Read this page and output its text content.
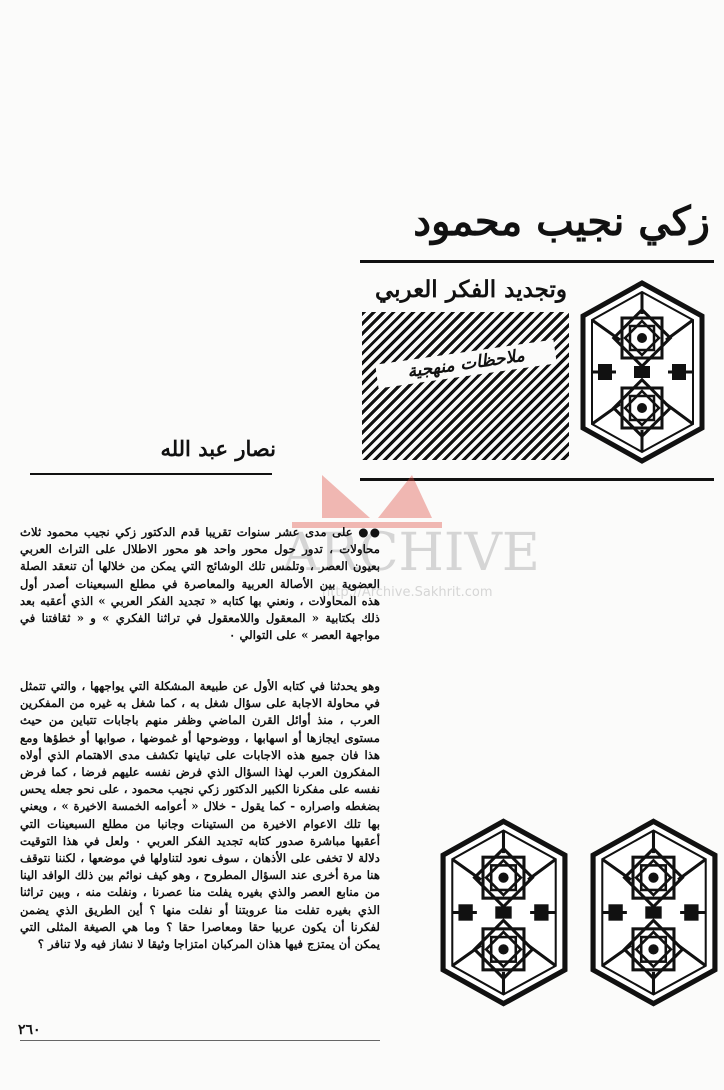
زكي نجيب محمود
وتجديد الفكر العربي
ملاحظات منهجية
نصار عبد الله
ARCHIVE
http://Archive.Sakhrit.com
●● على مدى عشر سنوات تقريبا قدم الدكتور زكي نجيب محمود ثلاث محاولات ، تدور حول محور واحد هو محور الاطلال على التراث العربي بعيون العصر ، وتلمس تلك الوشائج التي يمكن من خلالها أن تنعقد الصلة العضوية بين الأصالة العربية والمعاصرة في مطلع السبعينات أصدر أول هذه المحاولات ، ونعني بها كتابه « تجديد الفكر العربي » الذي أعقبه بعد ذلك بكتابية « المعقول واللامعقول في تراثنا الفكري » و « ثقافتنا في مواجهة العصر » على التوالي ٠
وهو يحدثنا في كتابه الأول عن طبيعة المشكلة التي يواجهها ، والتي تتمثل في محاولة الاجابة على سؤال شغل به ، كما شغل به غيره من المفكرين العرب ، منذ أوائل القرن الماضي وظفر منهم باجابات تتباين من حيث مستوى ايجازها أو اسهابها ، ووضوحها أو غموضها ، صوابها أو خطؤها ومع هذا فان جميع هذه الاجابات على تباينها تكشف مدى الاهتمام الذي أولاه المفكرون العرب لهذا السؤال الذي فرض نفسه عليهم فرضا ، كما فرض نفسه على مفكرنا الكبير الدكتور زكي نجيب محمود ، على نحو جعله يحس بضغطه واصراره - كما يقول - خلال « أعوامه الخمسة الاخيرة » ، ويعني بها تلك الاعوام الاخيرة من الستينات وجانبا من مطلع السبعينات التي أعقبها مباشرة صدور كتابه تجديد الفكر العربي ٠ ولعل في هذا التوقيت دلالة لا تخفى على الأذهان ، سوف نعود لتناولها في موضعها ، لكننا نتوقف هنا مرة أخرى عند السؤال المطروح ، وهو كيف نوائم بين ذلك الوافد الينا من منابع العصر والذي بغيره يفلت منا عصرنا ، ونفلت منه ، وبين تراثنا الذي بغيره تفلت منا عروبتنا أو نفلت منها ؟ أين الطريق الذي يضمن لفكرنا أن يكون عربيا حقا ومعاصرا حقا ؟ وما هي الصيغة المثلى التي يمكن أن يمتزج فيها هذان المركبان امتزاجا وثيقا لا نشاز فيه ولا تنافر ؟
٢٦٠
